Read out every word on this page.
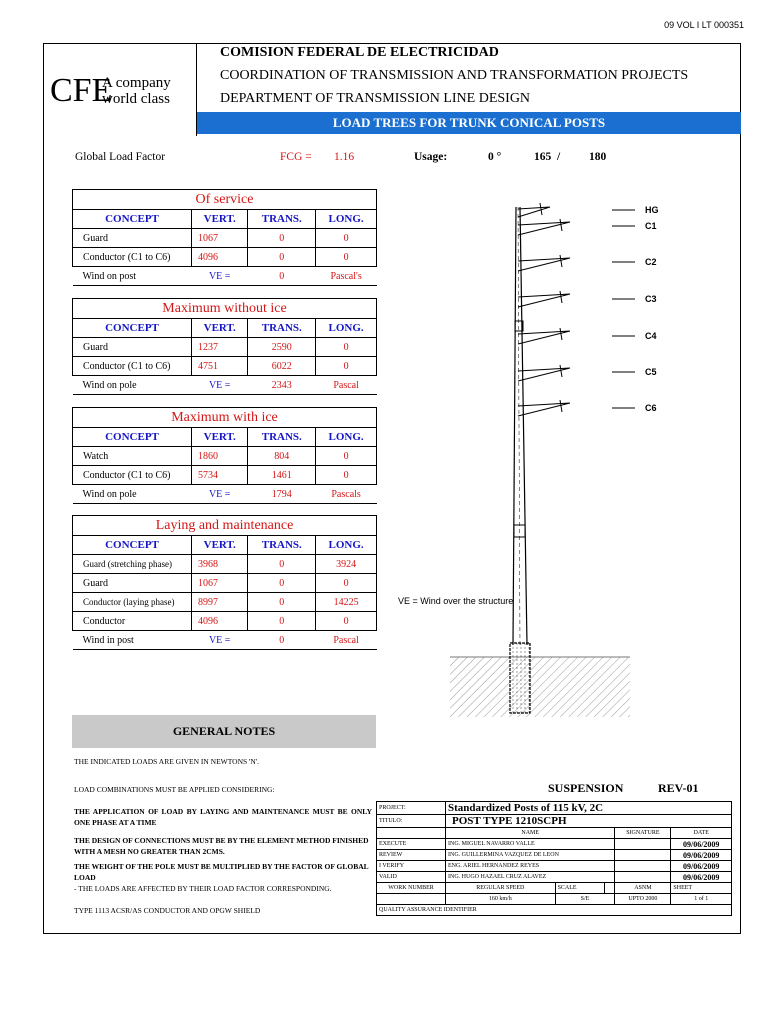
09 VOL I LT 000351
CFE
A company
world class
COMISION FEDERAL DE ELECTRICIDAD
COORDINATION OF TRANSMISSION AND TRANSFORMATION PROJECTS
DEPARTMENT OF TRANSMISSION LINE DESIGN
LOAD TREES FOR TRUNK CONICAL POSTS
Global Load Factor	FCG = 1.16	Usage:	0 °	165 /	180
Of service			
CONCEPT	VERT.	TRANS.	LONG.
Guard	1067	0	0
Conductor (C1 to C6)	4096	0	0
Wind on post	VE =	0	Pascal's
Maximum without ice			
CONCEPT	VERT.	TRANS.	LONG.
Guard	1237	2590	0
Conductor (C1 to C6)	4751	6022	0
Wind on pole	VE =	2343	Pascal
Maximum with ice			
CONCEPT	VERT.	TRANS.	LONG.
Watch	1860	804	0
Conductor (C1 to C6)	5734	1461	0
Wind on pole	VE =	1794	Pascals
Laying and maintenance			
CONCEPT	VERT.	TRANS.	LONG.
Guard (stretching phase)	3968	0	3924
Guard	1067	0	0
Conductor (laying phase)	8997	0	14225
Conductor	4096	0	0
Wind in post	VE =	0	Pascal
HG
C1
C2
C3
C4
C5
C6
VE = Wind over the structure
GENERAL NOTES
THE INDICATED LOADS ARE GIVEN IN NEWTONS 'N'.
LOAD COMBINATIONS MUST BE APPLIED CONSIDERING:
THE APPLICATION OF LOAD BY LAYING AND MAINTENANCE MUST BE ONLY ONE PHASE AT A TIME
THE DESIGN OF CONNECTIONS MUST BE BY THE ELEMENT METHOD FINISHED WITH A MESH NO GREATER THAN 2CMS.
THE WEIGHT OF THE POLE MUST BE MULTIPLIED BY THE FACTOR OF GLOBAL LOAD
- THE LOADS ARE AFFECTED BY THEIR LOAD FACTOR CORRESPONDING.
TYPE 1113 ACSR/AS CONDUCTOR AND OPGW SHIELD
SUSPENSION	REV-01
PROJECT:	Standardized Posts of 115 kV, 2C				
TITULO:	POST TYPE 1210SCPH				
	NAME			SIGNATURE	DATE
EXECUTE	ING. MIGUEL NAVARRO VALLE				09/06/2009
REVIEW	ING. GUILLERMINA VAZQUEZ DE LEON				09/06/2009
I VERIFY	ENG. ARIEL HERNANDEZ REYES				09/06/2009
VALID	ING. HUGO HAZAEL CRUZ ALAVEZ				09/06/2009
WORK NUMBER	REGULAR SPEED	SCALE		ASNM	SHEET
	160 km/h	S/E		UPTO 2000	1 of 1
QUALITY ASSURANCE IDENTIFIER					
